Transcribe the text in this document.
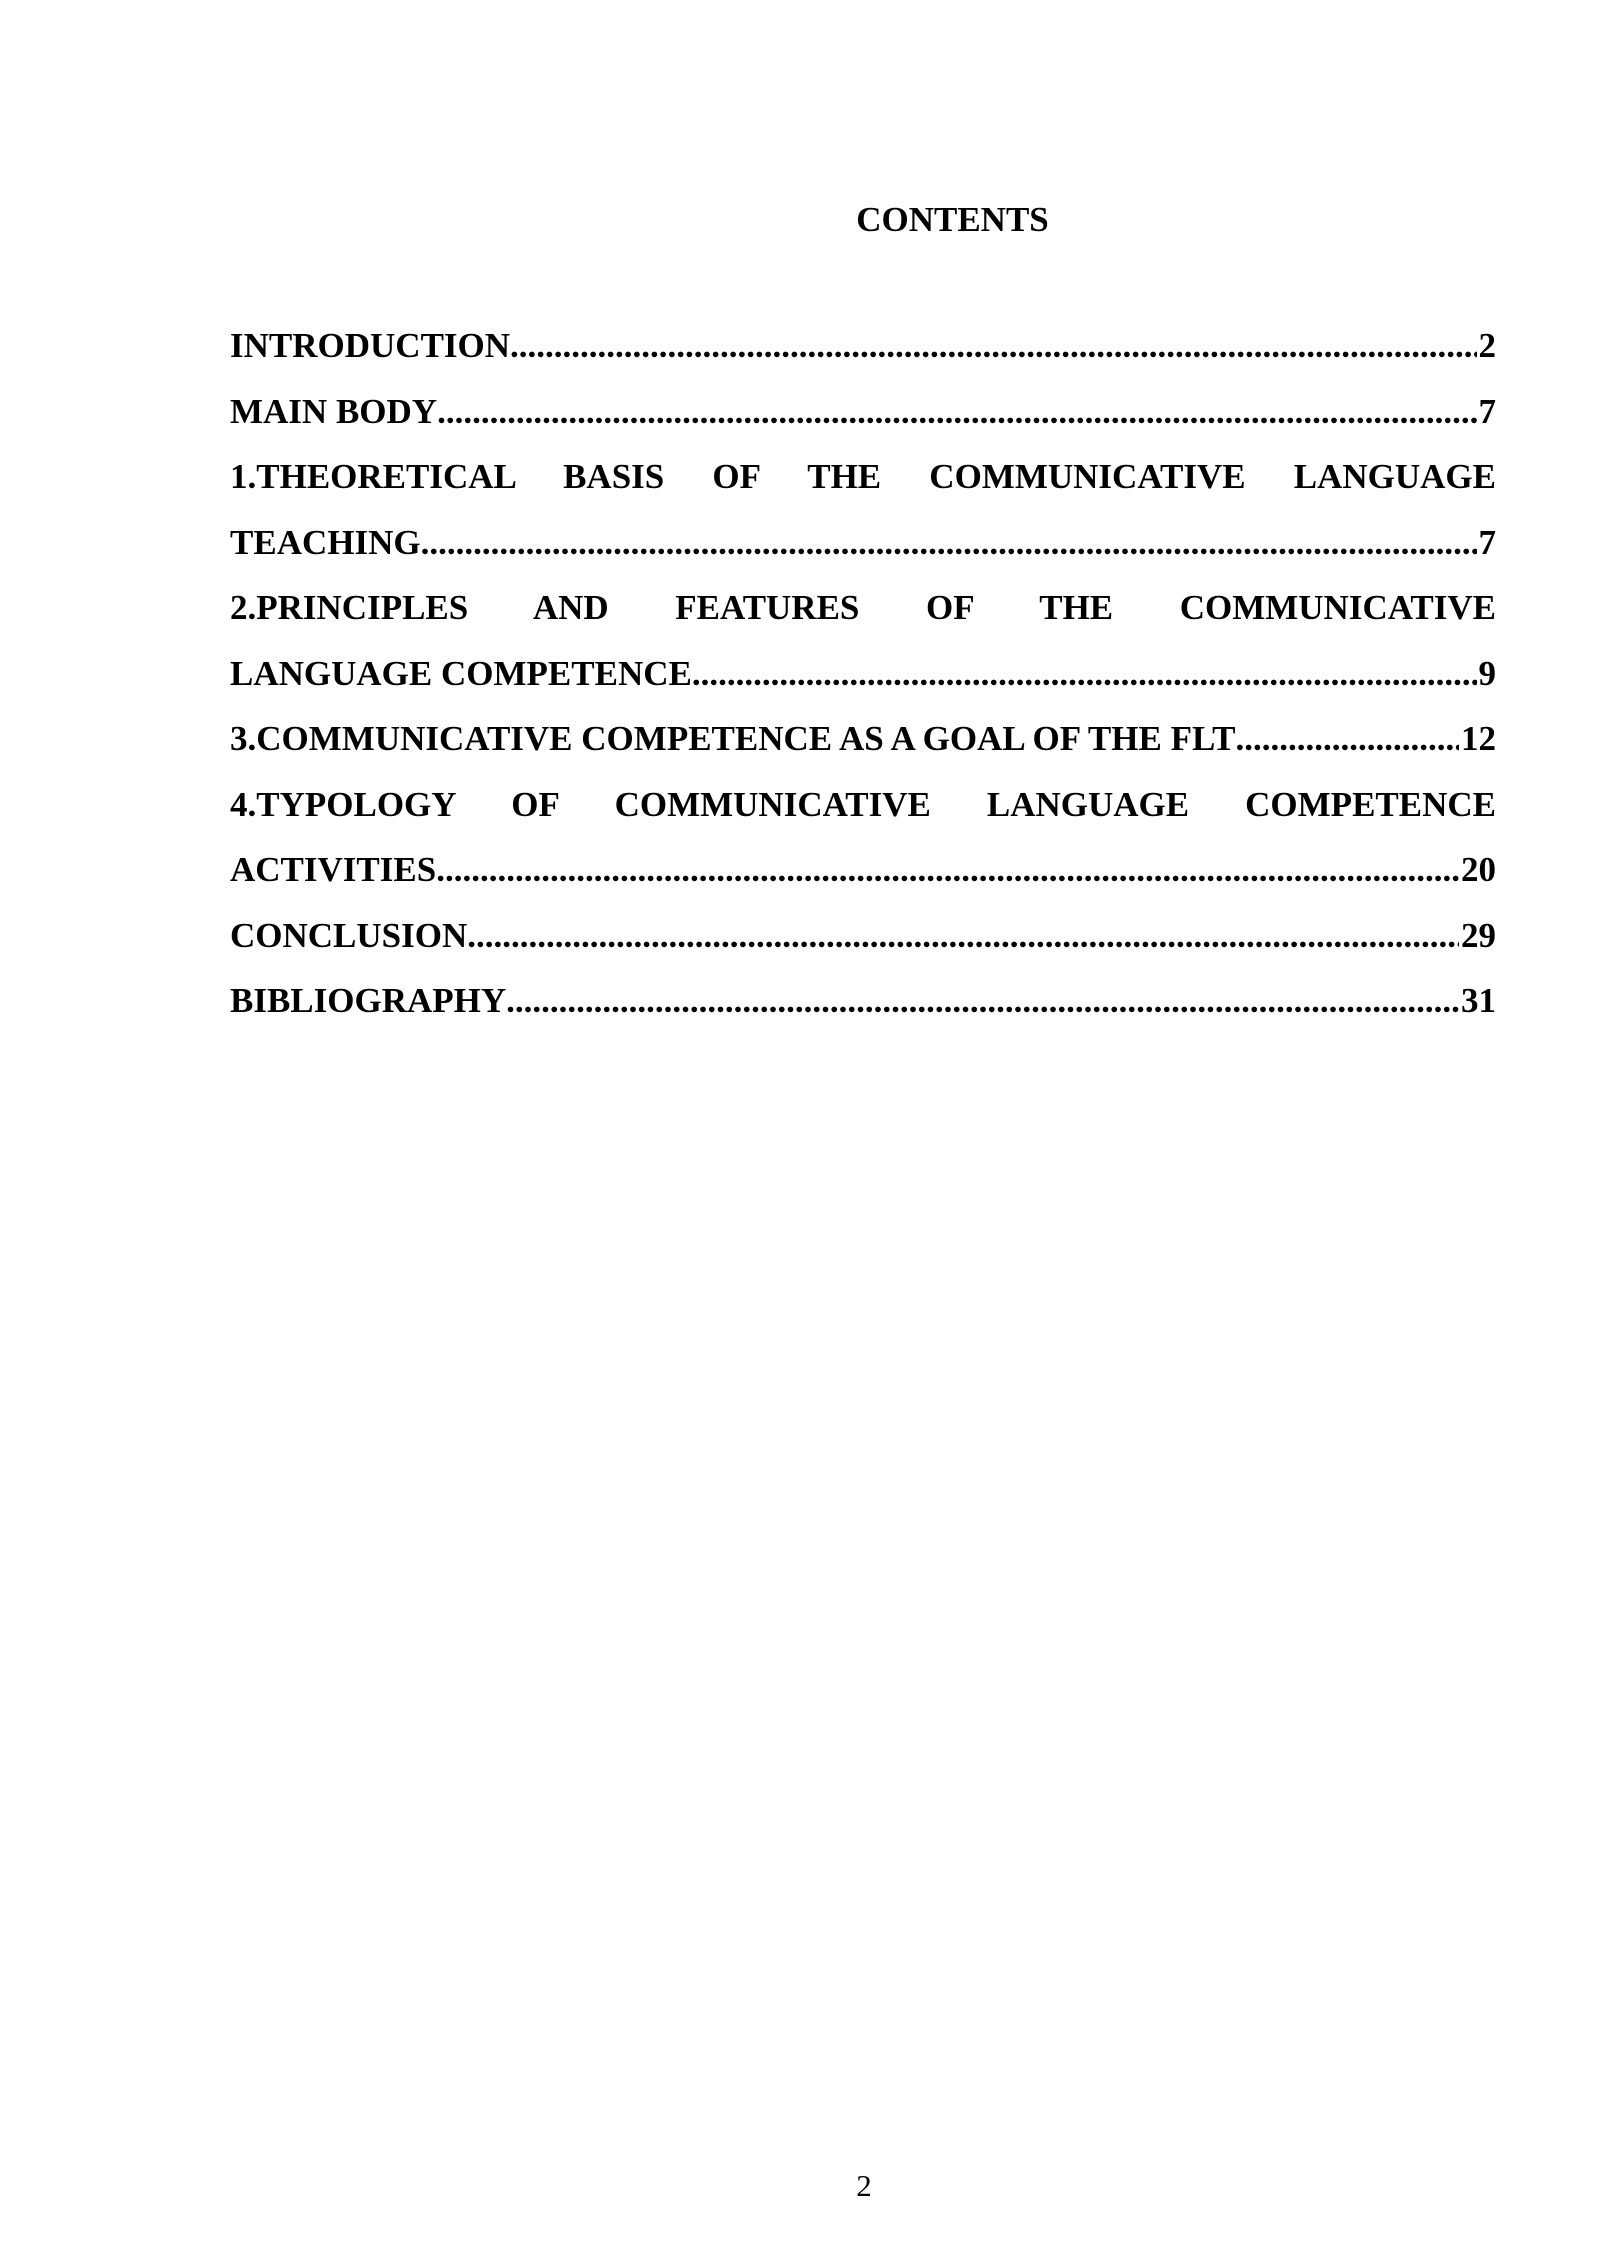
CONTENTS
INTRODUCTION .....	2
MAIN BODY .....	7
1.THEORETICAL BASIS OF THE COMMUNICATIVE LANGUAGE
TEACHING .....	7
2.PRINCIPLES AND FEATURES OF THE COMMUNICATIVE
LANGUAGE COMPETENCE .....	9
3.COMMUNICATIVE COMPETENCE AS A GOAL OF THE FLT .....	12
4.TYPOLOGY OF COMMUNICATIVE LANGUAGE COMPETENCE
ACTIVITIES .....	20
CONCLUSION .....	29
BIBLIOGRAPHY .....	31
2
